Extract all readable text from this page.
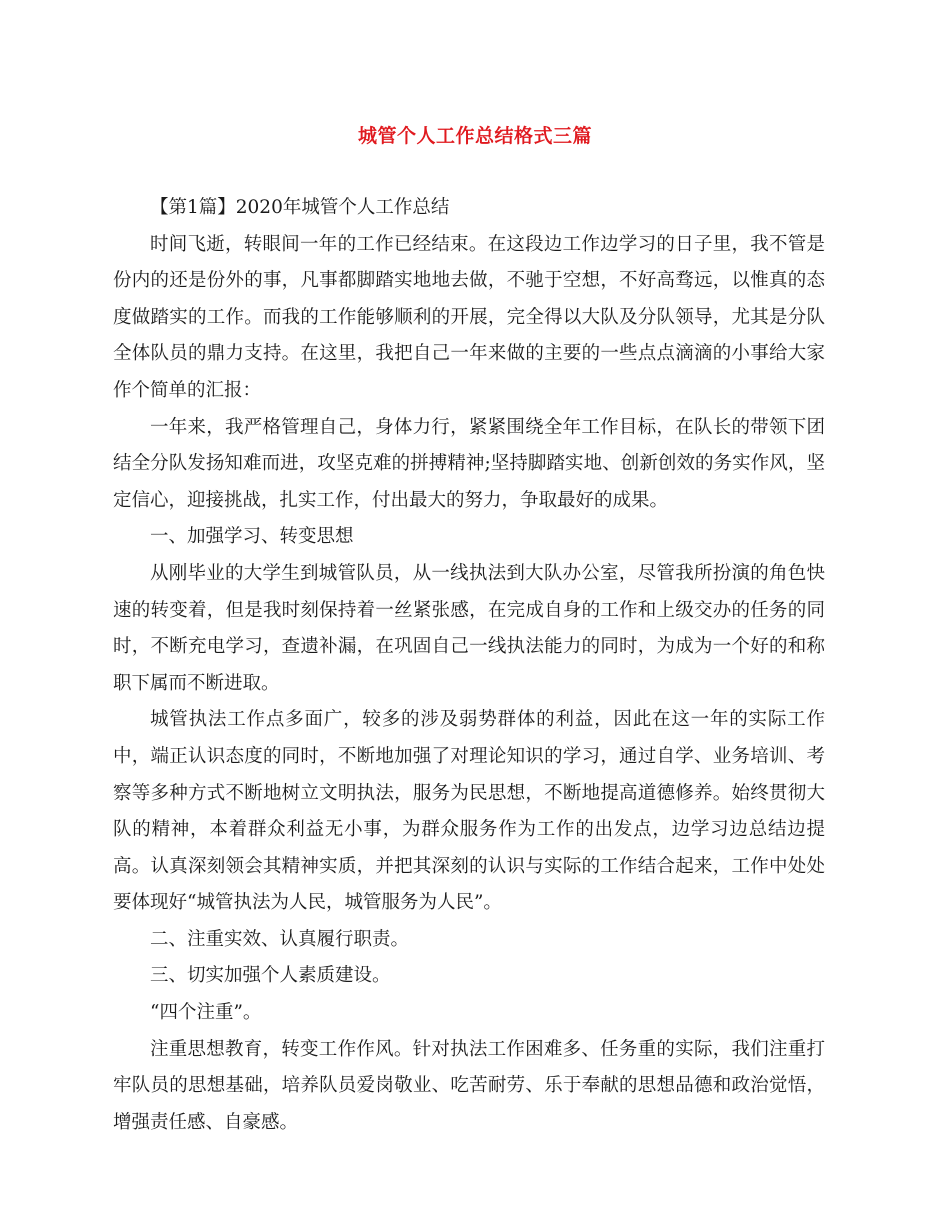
城管个人工作总结格式三篇

【第1篇】2020年城管个人工作总结

时间飞逝，转眼间一年的工作已经结束。在这段边工作边学习的日子里，我不管是份内的还是份外的事，凡事都脚踏实地地去做，不驰于空想，不好高骛远，以惟真的态度做踏实的工作。而我的工作能够顺利的开展，完全得以大队及分队领导，尤其是分队全体队员的鼎力支持。在这里，我把自己一年来做的主要的一些点点滴滴的小事给大家作个简单的汇报：

一年来，我严格管理自己，身体力行，紧紧围绕全年工作目标，在队长的带领下团结全分队发扬知难而进，攻坚克难的拼搏精神;坚持脚踏实地、创新创效的务实作风，坚定信心，迎接挑战，扎实工作，付出最大的努力，争取最好的成果。

一、加强学习、转变思想

从刚毕业的大学生到城管队员，从一线执法到大队办公室，尽管我所扮演的角色快速的转变着，但是我时刻保持着一丝紧张感，在完成自身的工作和上级交办的任务的同时，不断充电学习，查遗补漏，在巩固自己一线执法能力的同时，为成为一个好的和称职下属而不断进取。

城管执法工作点多面广，较多的涉及弱势群体的利益，因此在这一年的实际工作中，端正认识态度的同时，不断地加强了对理论知识的学习，通过自学、业务培训、考察等多种方式不断地树立文明执法，服务为民思想，不断地提高道德修养。始终贯彻大队的精神，本着群众利益无小事，为群众服务作为工作的出发点，边学习边总结边提高。认真深刻领会其精神实质，并把其深刻的认识与实际的工作结合起来，工作中处处要体现好“城管执法为人民，城管服务为人民”。

二、注重实效、认真履行职责。

三、切实加强个人素质建设。

“四个注重”。

注重思想教育，转变工作作风。针对执法工作困难多、任务重的实际，我们注重打牢队员的思想基础，培养队员爱岗敬业、吃苦耐劳、乐于奉献的思想品德和政治觉悟，增强责任感、自豪感。
